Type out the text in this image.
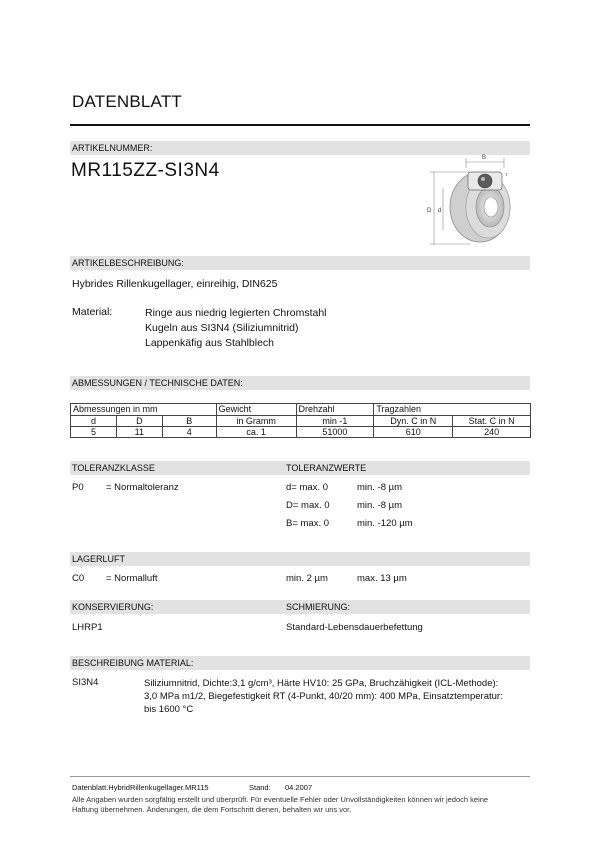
DATENBLATT
ARTIKELNUMMER:
MR115ZZ-SI3N4
B
r
D d
ARTIKELBESCHREIBUNG:
Hybrides Rillenkugellager, einreihig, DIN625
Material:	Ringe aus niedrig legierten Chromstahl
Kugeln aus SI3N4 (Siliziumnitrid)
Lappenkäfig aus Stahlblech
ABMESSUNGEN / TECHNISCHE DATEN:
Abmessungen in mm			Gewicht	Drehzahl	Tragzahlen	
d	D	B	in Gramm	min -1	Dyn. C in N	Stat. C in N
5	11	4	ca. 1	51000	610	240
TOLERANZKLASSE	TOLERANZWERTE
P0 = Normaltoleranz	d= max. 0	min. -8 µm
D= max. 0	min. -8 µm
B= max. 0	min. -120 µm
LAGERLUFT
C0 = Normalluft	min. 2 µm	max. 13 µm
KONSERVIERUNG:	SCHMIERUNG:
LHRP1	Standard-Lebensdauerbefettung
BESCHREIBUNG MATERIAL:
SI3N4	Siliziumnitrid, Dichte:3,1 g/cm³, Härte HV10: 25 GPa, Bruchzähigkeit (ICL-Methode):
3,0 MPa m1/2, Biegefestigkeit RT (4-Punkt, 40/20 mm): 400 MPa, Einsatztemperatur:
bis 1600 °C
Datenblatt.HybridRillenkugellager.MR115	Stand: 04.2007
Alle Angaben wurden sorgfältig erstellt und überprüft. Für eventuelle Fehler oder Unvollständigkeiten können wir jedoch keine
Haftung übernehmen. Änderungen, die dem Fortschritt dienen, behalten wir uns vor.
